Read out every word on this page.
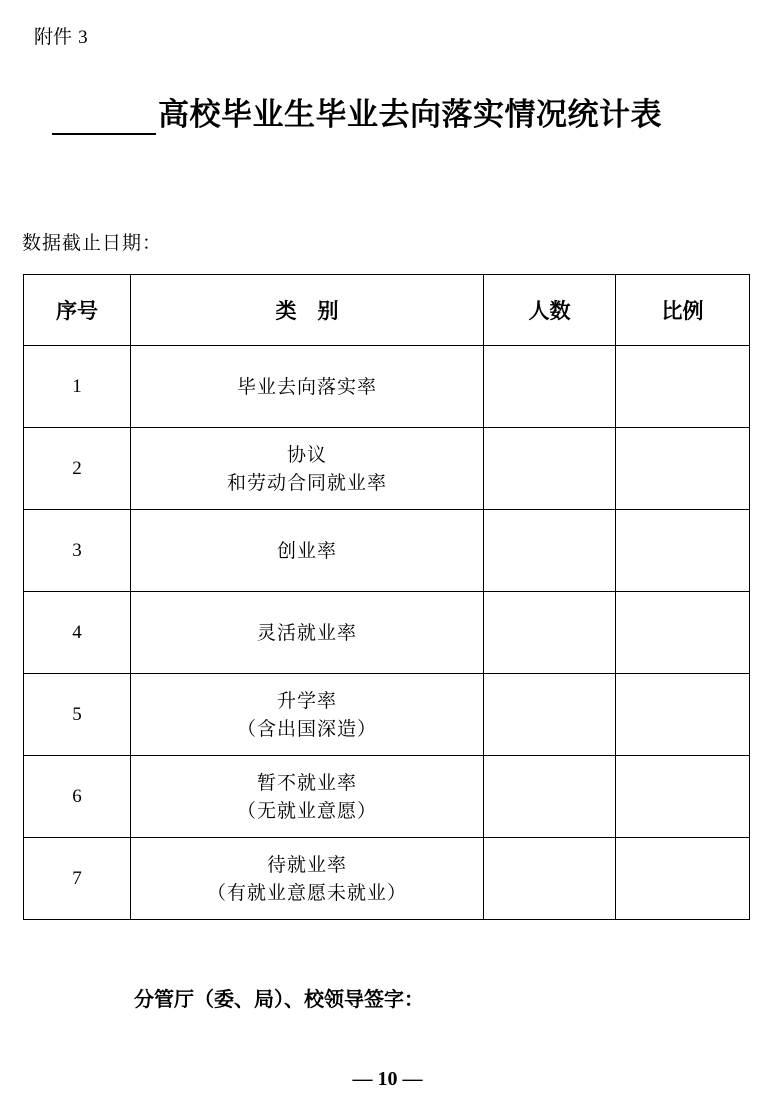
附件 3
高校毕业生毕业去向落实情况统计表
数据截止日期：
序号	类　别	人数	比例
1	毕业去向落实率		

2	协议
和劳动合同就业率		

3	创业率		

4	灵活就业率		

5	升学率
（含出国深造）		

6	暂不就业率
（无就业意愿）		

7	待就业率
（有就业意愿未就业）		

分管厅（委、局）、校领导签字：
— 10 —
